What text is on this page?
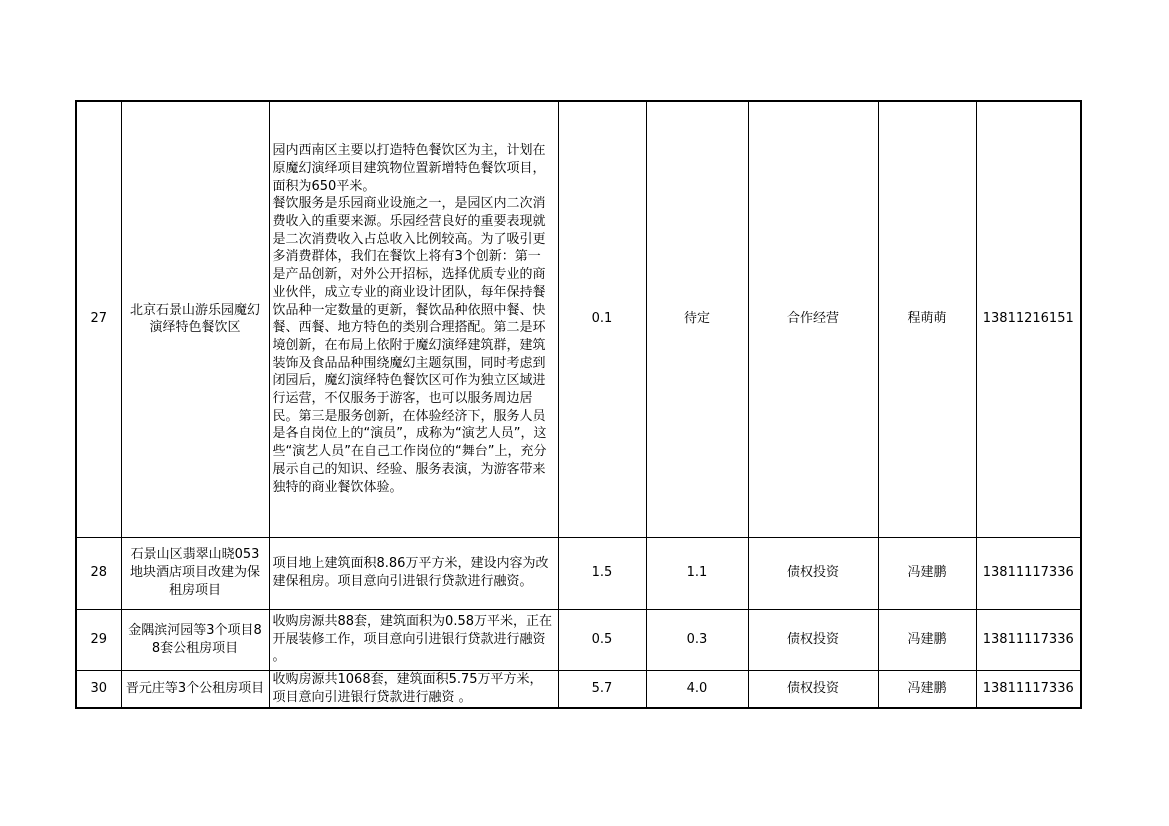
27	北京石景山游乐园魔幻演绎特色餐饮区	园内西南区主要以打造特色餐饮区为主，计划在原魔幻演绎项目建筑物位置新增特色餐饮项目，面积为650平米。
餐饮服务是乐园商业设施之一，是园区内二次消费收入的重要来源。乐园经营良好的重要表现就是二次消费收入占总收入比例较高。为了吸引更多消费群体，我们在餐饮上将有3个创新：第一是产品创新，对外公开招标，选择优质专业的商业伙伴，成立专业的商业设计团队，每年保持餐饮品种一定数量的更新，餐饮品种依照中餐、快餐、西餐、地方特色的类别合理搭配。第二是环境创新，在布局上依附于魔幻演绎建筑群，建筑装饰及食品品种围绕魔幻主题氛围，同时考虑到闭园后，魔幻演绎特色餐饮区可作为独立区域进行运营，不仅服务于游客，也可以服务周边居民。第三是服务创新，在体验经济下，服务人员是各自岗位上的“演员”，成称为“演艺人员”，这些“演艺人员”在自己工作岗位的“舞台”上，充分展示自己的知识、经验、服务表演，为游客带来独特的商业餐饮体验。	0.1	待定	合作经营	程萌萌	13811216151
28	石景山区翡翠山晓053地块酒店项目改建为保租房项目	项目地上建筑面积8.86万平方米，建设内容为改建保租房。项目意向引进银行贷款进行融资。	1.5	1.1	债权投资	冯建鹏	13811117336
29	金隅滨河园等3个项目88套公租房项目	收购房源共88套，建筑面积为0.58万平米，正在开展装修工作，项目意向引进银行贷款进行融资 。	0.5	0.3	债权投资	冯建鹏	13811117336
30	晋元庄等3个公租房项目	收购房源共1068套，建筑面积5.75万平方米，项目意向引进银行贷款进行融资 。	5.7	4.0	债权投资	冯建鹏	13811117336
